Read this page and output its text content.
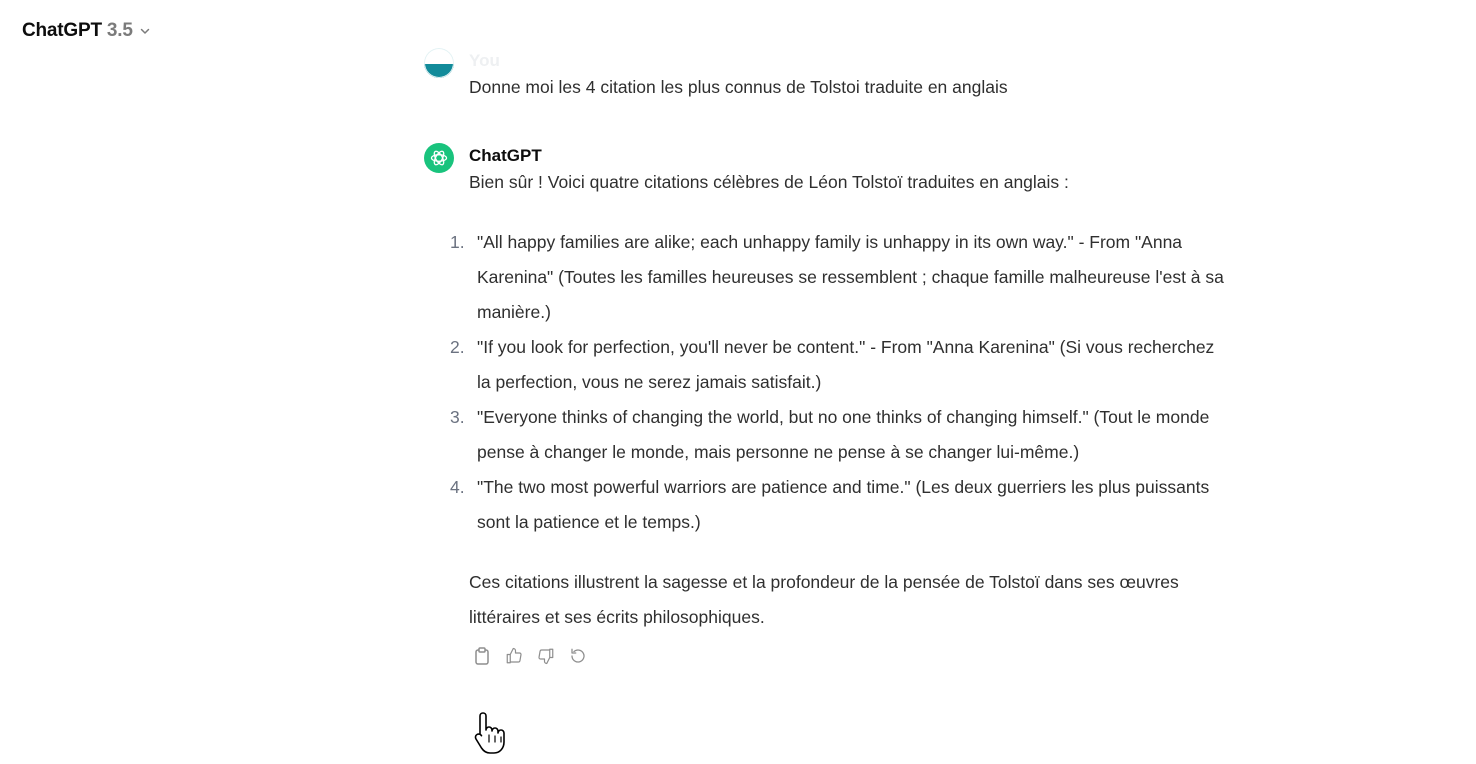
ChatGPT 3.5
You
Donne moi les 4 citation les plus connus de Tolstoi traduite en anglais
ChatGPT
Bien sûr ! Voici quatre citations célèbres de Léon Tolstoï traduites en anglais :
1. "All happy families are alike; each unhappy family is unhappy in its own way." - From "Anna Karenina" (Toutes les familles heureuses se ressemblent ; chaque famille malheureuse l'est à sa manière.)
2. "If you look for perfection, you'll never be content." - From "Anna Karenina" (Si vous recherchez la perfection, vous ne serez jamais satisfait.)
3. "Everyone thinks of changing the world, but no one thinks of changing himself." (Tout le monde pense à changer le monde, mais personne ne pense à se changer lui-même.)
4. "The two most powerful warriors are patience and time." (Les deux guerriers les plus puissants sont la patience et le temps.)
Ces citations illustrent la sagesse et la profondeur de la pensée de Tolstoï dans ses œuvres littéraires et ses écrits philosophiques.
